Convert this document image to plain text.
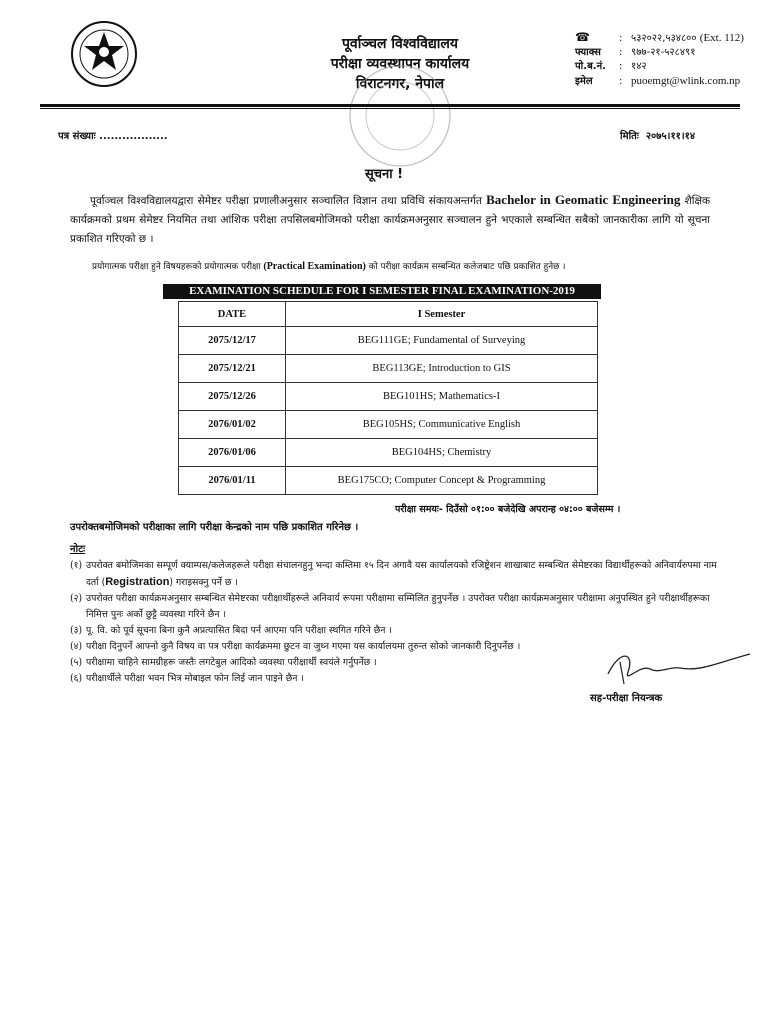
पूर्वाञ्चल विश्वविद्यालय
परीक्षा व्यवस्थापन कार्यालय
विराटनगर, नेपाल
☎	: ५३२०२२,५३४८०० (Ext. 112)
फ्याक्स : ९७७-२१-५२८४९१
पो.ब.नं. : १४२
इमेल	: puoemgt@wlink.com.np
पत्र संख्याः ..................	मितिः २०७५।११।१४
सूचना !
पूर्वाञ्चल विश्वविद्यालयद्वारा सेमेष्टर परीक्षा प्रणालीअनुसार सञ्चालित विज्ञान तथा प्रविधि संकायअन्तर्गत Bachelor in Geomatic Engineering शैक्षिक कार्यक्रमको प्रथम सेमेष्टर नियमित तथा आंशिक परीक्षा तपसिलबमोजिमको परीक्षा कार्यक्रमअनुसार सञ्चालन हुने भएकाले सम्बन्धित सबैको जानकारीका लागि यो सूचना प्रकाशित गरिएको छ ।
प्रयोगात्मक परीक्षा हुने विषयहरूको प्रयोगात्मक परीक्षा (Practical Examination) को परीक्षा कार्यक्रम सम्बन्धित कलेजबाट पछि प्रकाशित हुनेछ ।
EXAMINATION SCHEDULE FOR I SEMESTER FINAL EXAMINATION-2019
DATE	I Semester
2075/12/17	BEG111GE; Fundamental of Surveying
2075/12/21	BEG113GE; Introduction to GIS
2075/12/26	BEG101HS; Mathematics-I
2076/01/02	BEG105HS; Communicative English
2076/01/06	BEG104HS; Chemistry
2076/01/11	BEG175CO; Computer Concept & Programming
परीक्षा समयः- दिउँसो ०१:०० बजेदेखि अपरान्ह ०४:०० बजेसम्म ।
उपरोक्तबमोजिमको परीक्षाका लागि परीक्षा केन्द्रको नाम पछि प्रकाशित गरिनेछ ।
नोटः
(१) उपरोक्त बमोजिमका सम्पूर्ण क्याम्पस/कलेजहरूले परीक्षा संचालनहुनु भन्दा कम्तिमा १५ दिन अगावै यस कार्यालयको रजिष्ट्रेशन शाखाबाट सम्बन्धित सेमेष्टरका विद्यार्थीहरूको अनिवार्यरुपमा नाम दर्ता (Registration) गराइसक्नु पर्ने छ ।
(२) उपरोक्त परीक्षा कार्यक्रमअनुसार सम्बन्धित सेमेष्टरका परीक्षार्थीहरूले अनिवार्य रूपमा परीक्षामा सम्मिलित हुनुपर्नेछ । उपरोक्त परीक्षा कार्यक्रमअनुसार परीक्षामा अनुपस्थित हुने परीक्षार्थीहरूका निमित्त पुनः अर्को छुट्टै व्यवस्था गरिने छैन ।
(३) पू. वि. को पूर्व सूचना बिना कुनै अप्रत्यासित बिदा पर्न आएमा पनि परीक्षा स्थगित गरिने छैन ।
(४) परीक्षा दिनुपर्ने आफ्नो कुनै विषय वा पत्र परीक्षा कार्यक्रममा छुटन वा जुध्न गएमा यस कार्यालयमा तुरुन्त सोको जानकारी दिनुपर्नेछ ।
(५) परीक्षामा चाहिने सामग्रीहरू जस्तैः लगटेबुल आदिको व्यवस्था परीक्षार्थी स्वयंले गर्नुपर्नेछ ।
(६) परीक्षार्थीले परीक्षा भवन भित्र मोबाइल फोन लिई जान पाइने छैन ।
सह-परीक्षा नियन्त्रक
